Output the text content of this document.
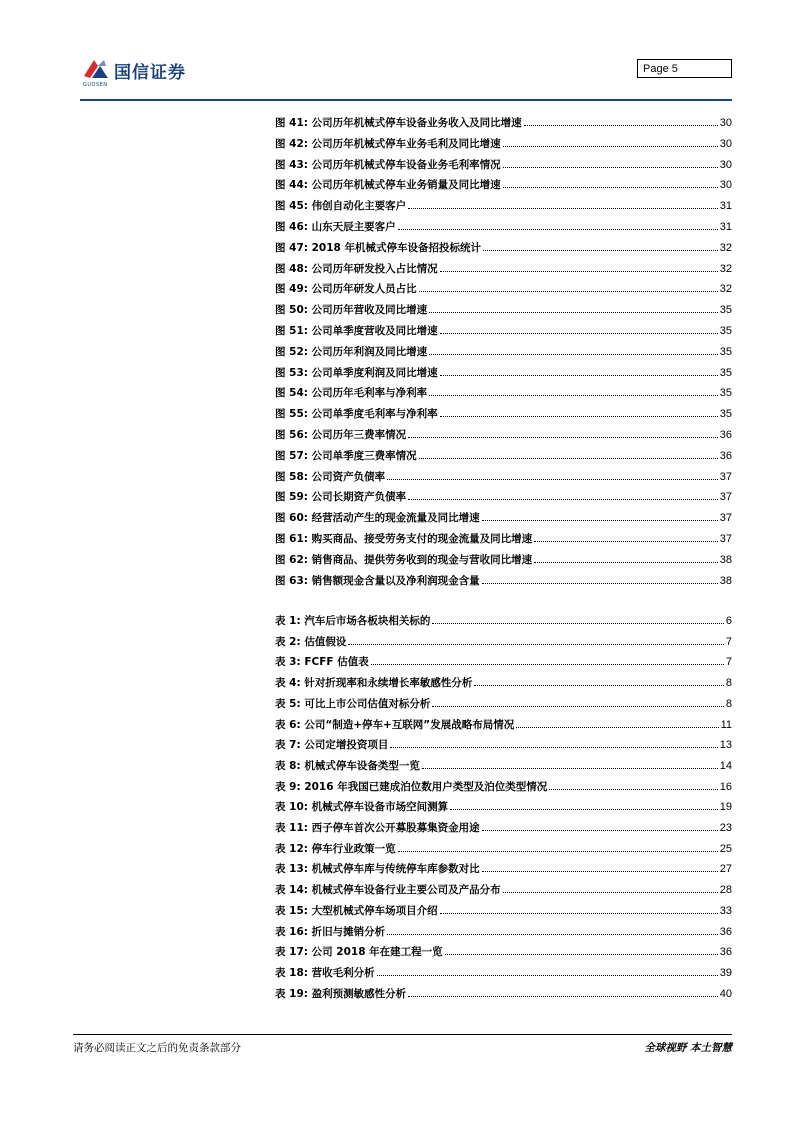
国信证券
GUOSEN
Page 5
图 41: 公司历年机械式停车设备业务收入及同比增速	30
图 42: 公司历年机械式停车业务毛利及同比增速	30
图 43: 公司历年机械式停车设备业务毛利率情况	30
图 44: 公司历年机械式停车业务销量及同比增速	30
图 45: 伟创自动化主要客户	31
图 46: 山东天辰主要客户	31
图 47: 2018 年机械式停车设备招投标统计	32
图 48: 公司历年研发投入占比情况	32
图 49: 公司历年研发人员占比	32
图 50: 公司历年营收及同比增速	35
图 51: 公司单季度营收及同比增速	35
图 52: 公司历年利润及同比增速	35
图 53: 公司单季度利润及同比增速	35
图 54: 公司历年毛利率与净利率	35
图 55: 公司单季度毛利率与净利率	35
图 56: 公司历年三费率情况	36
图 57: 公司单季度三费率情况	36
图 58: 公司资产负债率	37
图 59: 公司长期资产负债率	37
图 60: 经营活动产生的现金流量及同比增速	37
图 61: 购买商品、接受劳务支付的现金流量及同比增速	37
图 62: 销售商品、提供劳务收到的现金与营收同比增速	38
图 63: 销售额现金含量以及净利润现金含量	38
表 1: 汽车后市场各板块相关标的	6
表 2: 估值假设	7
表 3: FCFF 估值表	7
表 4: 针对折现率和永续增长率敏感性分析	8
表 5: 可比上市公司估值对标分析	8
表 6: 公司“制造+停车+互联网”发展战略布局情况	11
表 7: 公司定增投资项目	13
表 8: 机械式停车设备类型一览	14
表 9: 2016 年我国已建成泊位数用户类型及泊位类型情况	16
表 10: 机械式停车设备市场空间测算	19
表 11: 西子停车首次公开募股募集资金用途	23
表 12: 停车行业政策一览	25
表 13: 机械式停车库与传统停车库参数对比	27
表 14: 机械式停车设备行业主要公司及产品分布	28
表 15: 大型机械式停车场项目介绍	33
表 16: 折旧与摊销分析	36
表 17: 公司 2018 年在建工程一览	36
表 18: 营收毛利分析	39
表 19: 盈利预测敏感性分析	40
请务必阅读正文之后的免责条款部分	全球视野 本土智慧
